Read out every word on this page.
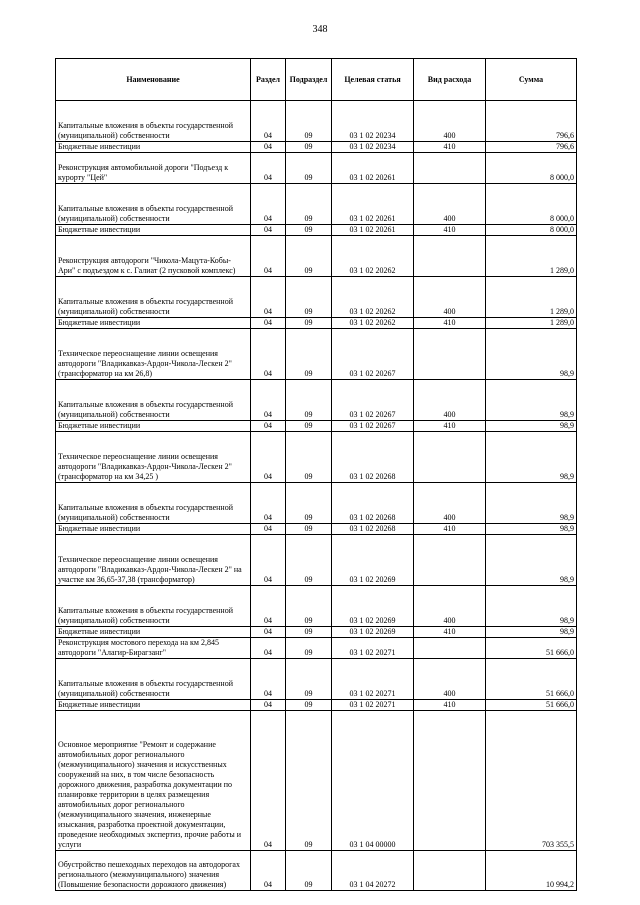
348
Наименование	Раздел	Подраздел	Целевая статья	Вид расхода	Сумма
Капитальные вложения в объекты государственной (муниципальной) собственности	04	09	03 1 02 20234	400	796,6
Бюджетные инвестиции	04	09	03 1 02 20234	410	796,6
Реконструкция автомобильной дороги "Подъезд к курорту "Цей"	04	09	03 1 02 20261		8 000,0
Капитальные вложения в объекты государственной (муниципальной) собственности	04	09	03 1 02 20261	400	8 000,0
Бюджетные инвестиции	04	09	03 1 02 20261	410	8 000,0
Реконструкция автодороги "Чикола-Мацута-Кобы-Ари" с подъездом к с. Галиат (2 пусковой комплекс)	04	09	03 1 02 20262		1 289,0
Капитальные вложения в объекты государственной (муниципальной) собственности	04	09	03 1 02 20262	400	1 289,0
Бюджетные инвестиции	04	09	03 1 02 20262	410	1 289,0
Техническое переоснащение линии освещения автодороги "Владикавказ-Ардон-Чикола-Лескен 2" (трансформатор на км 26,8)	04	09	03 1 02 20267		98,9
Капитальные вложения в объекты государственной (муниципальной) собственности	04	09	03 1 02 20267	400	98,9
Бюджетные инвестиции	04	09	03 1 02 20267	410	98,9
Техническое переоснащение линии освещения автодороги "Владикавказ-Ардон-Чикола-Лескен 2" (трансформатор на км 34,25 )	04	09	03 1 02 20268		98,9
Капитальные вложения в объекты государственной (муниципальной) собственности	04	09	03 1 02 20268	400	98,9
Бюджетные инвестиции	04	09	03 1 02 20268	410	98,9
Техническое переоснащение линии освещения автодороги "Владикавказ-Ардон-Чикола-Лескен 2" на участке км 36,65-37,38 (трансформатор)	04	09	03 1 02 20269		98,9
Капитальные вложения в объекты государственной (муниципальной) собственности	04	09	03 1 02 20269	400	98,9
Бюджетные инвестиции	04	09	03 1 02 20269	410	98,9
Реконструкция мостового перехода на км 2,845 автодороги "Алагир-Бирагзанг"	04	09	03 1 02 20271		51 666,0
Капитальные вложения в объекты государственной (муниципальной) собственности	04	09	03 1 02 20271	400	51 666,0
Бюджетные инвестиции	04	09	03 1 02 20271	410	51 666,0
Основное мероприятие "Ремонт и содержание автомобильных дорог регионального (межмуниципального) значения и искусственных сооружений на них, в том числе безопасность дорожного движения, разработка документации по планировке территории в целях размещения автомобильных дорог регионального (межмуниципального значения, инженерные изыскания, разработка проектной документации, проведение необходимых экспертиз, прочие работы и услуги	04	09	03 1 04 00000		703 355,5
Обустройство пешеходных переходов на автодорогах регионального (межмуниципального) значения (Повышение безопасности дорожного движения)	04	09	03 1 04 20272		10 994,2
